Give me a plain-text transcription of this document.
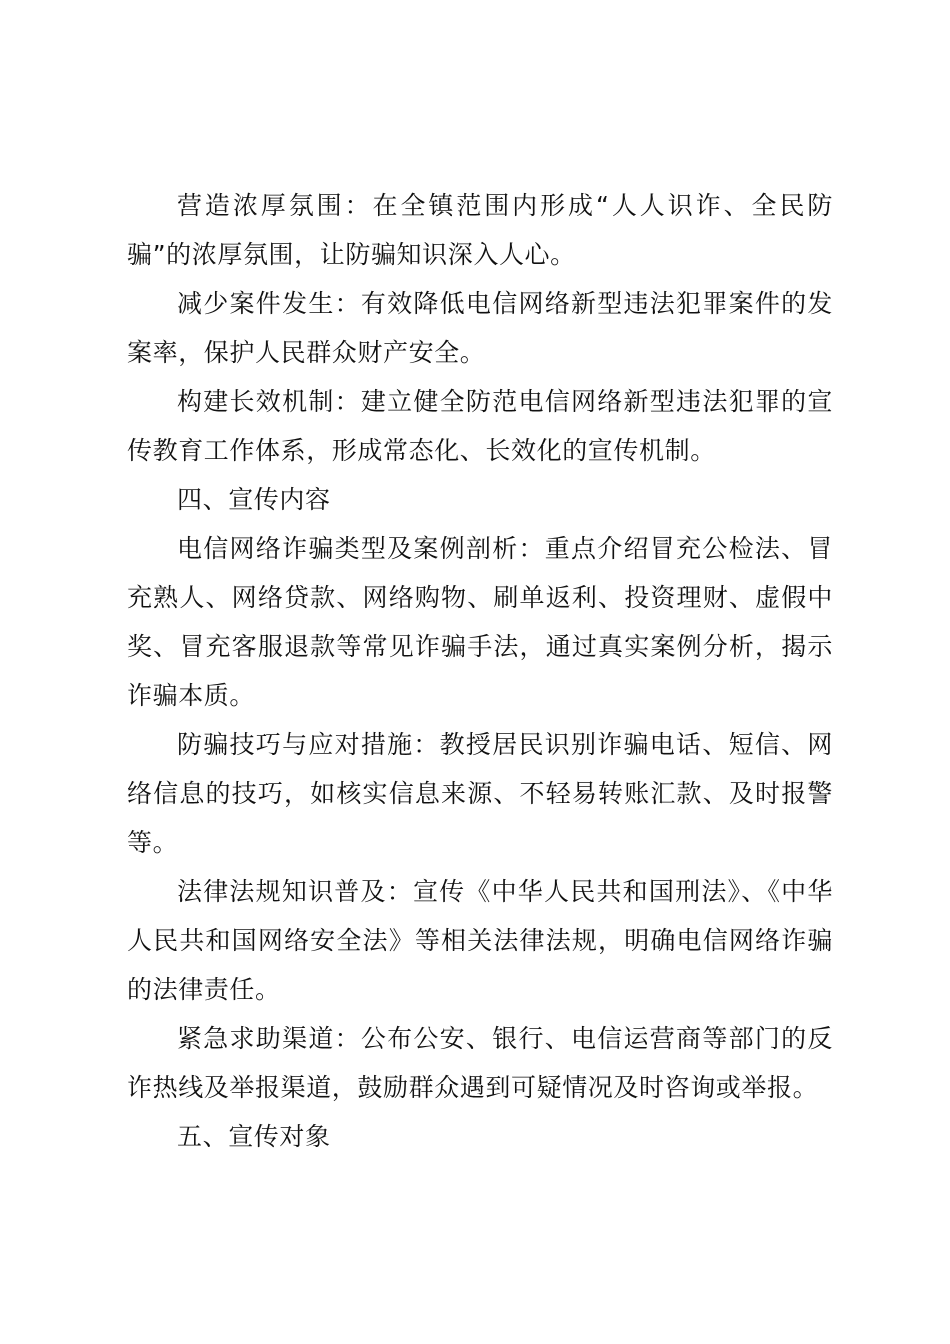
营造浓厚氛围：在全镇范围内形成“人人识诈、全民防骗”的浓厚氛围，让防骗知识深入人心。

减少案件发生：有效降低电信网络新型违法犯罪案件的发案率，保护人民群众财产安全。

构建长效机制：建立健全防范电信网络新型违法犯罪的宣传教育工作体系，形成常态化、长效化的宣传机制。

四、宣传内容

电信网络诈骗类型及案例剖析：重点介绍冒充公检法、冒充熟人、网络贷款、网络购物、刷单返利、投资理财、虚假中奖、冒充客服退款等常见诈骗手法，通过真实案例分析，揭示诈骗本质。

防骗技巧与应对措施：教授居民识别诈骗电话、短信、网络信息的技巧，如核实信息来源、不轻易转账汇款、及时报警等。

法律法规知识普及：宣传《中华人民共和国刑法》、《中华人民共和国网络安全法》等相关法律法规，明确电信网络诈骗的法律责任。

紧急求助渠道：公布公安、银行、电信运营商等部门的反诈热线及举报渠道，鼓励群众遇到可疑情况及时咨询或举报。

五、宣传对象
